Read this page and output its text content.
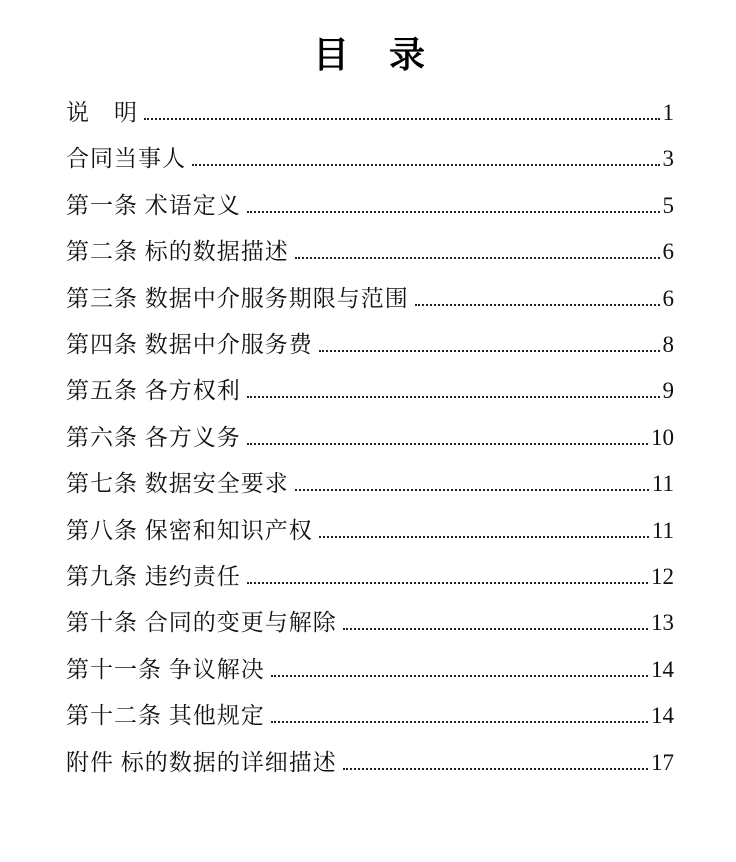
目　录
说　明	1
合同当事人	3
第一条 术语定义	5
第二条 标的数据描述	6
第三条 数据中介服务期限与范围	6
第四条 数据中介服务费	8
第五条 各方权利	9
第六条 各方义务	10
第七条 数据安全要求	11
第八条 保密和知识产权	11
第九条 违约责任	12
第十条 合同的变更与解除	13
第十一条 争议解决	14
第十二条 其他规定	14
附件 标的数据的详细描述	17
